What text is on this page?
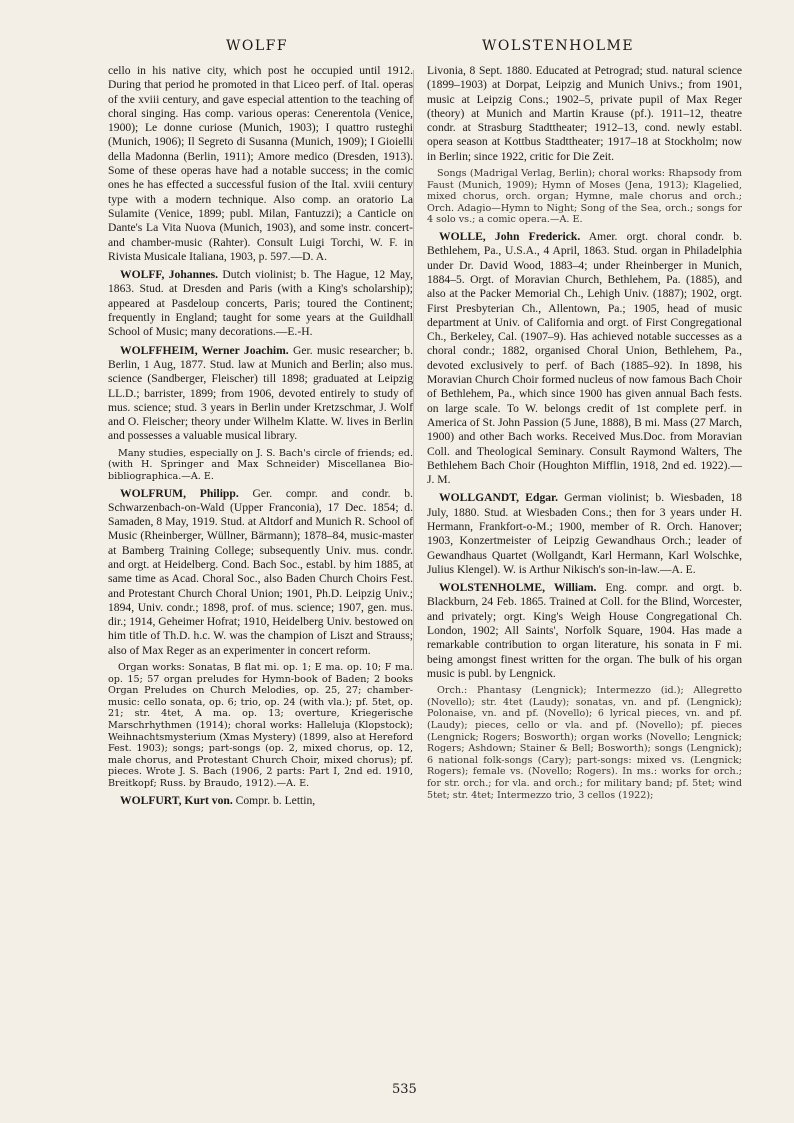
WOLFF	WOLSTENHOLME

cello in his native city, which post he occupied until 1912. During that period he promoted in that Liceo perf. of Ital. operas of the xviii century, and gave especial attention to the teaching of choral singing. Has comp. various operas: Cenerentola (Venice, 1900); Le donne curiose (Munich, 1903); I quattro rusteghi (Munich, 1906); Il Segreto di Susanna (Munich, 1909); I Gioielli della Madonna (Berlin, 1911); Amore medico (Dresden, 1913). Some of these operas have had a notable success; in the comic ones he has effected a successful fusion of the Ital. xviii century type with a modern technique. Also comp. an oratorio La Sulamite (Venice, 1899; publ. Milan, Fantuzzi); a Canticle on Dante's La Vita Nuova (Munich, 1903), and some instr. concert- and chamber-music (Rahter). Consult Luigi Torchi, W. F. in Rivista Musicale Italiana, 1903, p. 597.—D. A.

WOLFF, Johannes. Dutch violinist; b. The Hague, 12 May, 1863. Stud. at Dresden and Paris (with a King's scholarship); appeared at Pasdeloup concerts, Paris; toured the Continent; frequently in England; taught for some years at the Guildhall School of Music; many decorations.—E.-H.

WOLFFHEIM, Werner Joachim. Ger. music researcher; b. Berlin, 1 Aug, 1877. Stud. law at Munich and Berlin; also mus. science (Sandberger, Fleischer) till 1898; graduated at Leipzig LL.D.; barrister, 1899; from 1906, devoted entirely to study of mus. science; stud. 3 years in Berlin under Kretzschmar, J. Wolf and O. Fleischer; theory under Wilhelm Klatte. W. lives in Berlin and possesses a valuable musical library.

Many studies, especially on J. S. Bach's circle of friends; ed. (with H. Springer and Max Schneider) Miscellanea Bio-bibliographica.—A. E.

WOLFRUM, Philipp. Ger. compr. and condr. b. Schwarzenbach-on-Wald (Upper Franconia), 17 Dec. 1854; d. Samaden, 8 May, 1919. Stud. at Altdorf and Munich R. School of Music (Rheinberger, Wüllner, Bärmann); 1878–84, music-master at Bamberg Training College; subsequently Univ. mus. condr. and orgt. at Heidelberg. Cond. Bach Soc., establ. by him 1885, at same time as Acad. Choral Soc., also Baden Church Choirs Fest. and Protestant Church Choral Union; 1901, Ph.D. Leipzig Univ.; 1894, Univ. condr.; 1898, prof. of mus. science; 1907, gen. mus. dir.; 1914, Geheimer Hofrat; 1910, Heidelberg Univ. bestowed on him title of Th.D. h.c. W. was the champion of Liszt and Strauss; also of Max Reger as an experimenter in concert reform.

Organ works: Sonatas, B flat mi. op. 1; E ma. op. 10; F ma. op. 15; 57 organ preludes for Hymn-book of Baden; 2 books Organ Preludes on Church Melodies, op. 25, 27; chamber-music: cello sonata, op. 6; trio, op. 24 (with vla.); pf. 5tet, op. 21; str. 4tet, A ma. op. 13; overture, Kriegerische Marschrhythmen (1914); choral works: Halleluja (Klopstock); Weihnachtsmysterium (Xmas Mystery) (1899, also at Hereford Fest. 1903); songs; part-songs (op. 2, mixed chorus, op. 12, male chorus, and Protestant Church Choir, mixed chorus); pf. pieces. Wrote J. S. Bach (1906, 2 parts: Part I, 2nd ed. 1910, Breitkopf; Russ. by Braudo, 1912).—A. E.

WOLFURT, Kurt von. Compr. b. Lettin,

Livonia, 8 Sept. 1880. Educated at Petrograd; stud. natural science (1899–1903) at Dorpat, Leipzig and Munich Univs.; from 1901, music at Leipzig Cons.; 1902–5, private pupil of Max Reger (theory) at Munich and Martin Krause (pf.). 1911–12, theatre condr. at Strasburg Stadttheater; 1912–13, cond. newly establ. opera season at Kottbus Stadttheater; 1917–18 at Stockholm; now in Berlin; since 1922, critic for Die Zeit.

Songs (Madrigal Verlag, Berlin); choral works: Rhapsody from Faust (Munich, 1909); Hymn of Moses (Jena, 1913); Klagelied, mixed chorus, orch. organ; Hymne, male chorus and orch.; Orch. Adagio—Hymn to Night; Song of the Sea, orch.; songs for 4 solo vs.; a comic opera.—A. E.

WOLLE, John Frederick. Amer. orgt. choral condr. b. Bethlehem, Pa., U.S.A., 4 April, 1863. Stud. organ in Philadelphia under Dr. David Wood, 1883–4; under Rheinberger in Munich, 1884–5. Orgt. of Moravian Church, Bethlehem, Pa. (1885), and also at the Packer Memorial Ch., Lehigh Univ. (1887); 1902, orgt. First Presbyterian Ch., Allentown, Pa.; 1905, head of music department at Univ. of California and orgt. of First Congregational Ch., Berkeley, Cal. (1907–9). Has achieved notable successes as a choral condr.; 1882, organised Choral Union, Bethlehem, Pa., devoted exclusively to perf. of Bach (1885–92). In 1898, his Moravian Church Choir formed nucleus of now famous Bach Choir of Bethlehem, Pa., which since 1900 has given annual Bach fests. on large scale. To W. belongs credit of 1st complete perf. in America of St. John Passion (5 June, 1888), B mi. Mass (27 March, 1900) and other Bach works. Received Mus.Doc. from Moravian Coll. and Theological Seminary. Consult Raymond Walters, The Bethlehem Bach Choir (Houghton Mifflin, 1918, 2nd ed. 1922).—J. M.

WOLLGANDT, Edgar. German violinist; b. Wiesbaden, 18 July, 1880. Stud. at Wiesbaden Cons.; then for 3 years under H. Hermann, Frankfort-o-M.; 1900, member of R. Orch. Hanover; 1903, Konzertmeister of Leipzig Gewandhaus Orch.; leader of Gewandhaus Quartet (Wollgandt, Karl Hermann, Karl Wolschke, Julius Klengel). W. is Arthur Nikisch's son-in-law.—A. E.

WOLSTENHOLME, William. Eng. compr. and orgt. b. Blackburn, 24 Feb. 1865. Trained at Coll. for the Blind, Worcester, and privately; orgt. King's Weigh House Congregational Ch. London, 1902; All Saints', Norfolk Square, 1904. Has made a remarkable contribution to organ literature, his sonata in F mi. being amongst finest written for the organ. The bulk of his organ music is publ. by Lengnick.

Orch.: Phantasy (Lengnick); Intermezzo (id.); Allegretto (Novello); str. 4tet (Laudy); sonatas, vn. and pf. (Lengnick); Polonaise, vn. and pf. (Novello); 6 lyrical pieces, vn. and pf. (Laudy); pieces, cello or vla. and pf. (Novello); pf. pieces (Lengnick; Rogers; Bosworth); organ works (Novello; Lengnick; Rogers; Ashdown; Stainer & Bell; Bosworth); songs (Lengnick); 6 national folk-songs (Cary); part-songs: mixed vs. (Lengnick; Rogers); female vs. (Novello; Rogers). In ms.: works for orch.; for str. orch.; for vla. and orch.; for military band; pf. 5tet; wind 5tet; str. 4tet; Intermezzo trio, 3 cellos (1922);

535
